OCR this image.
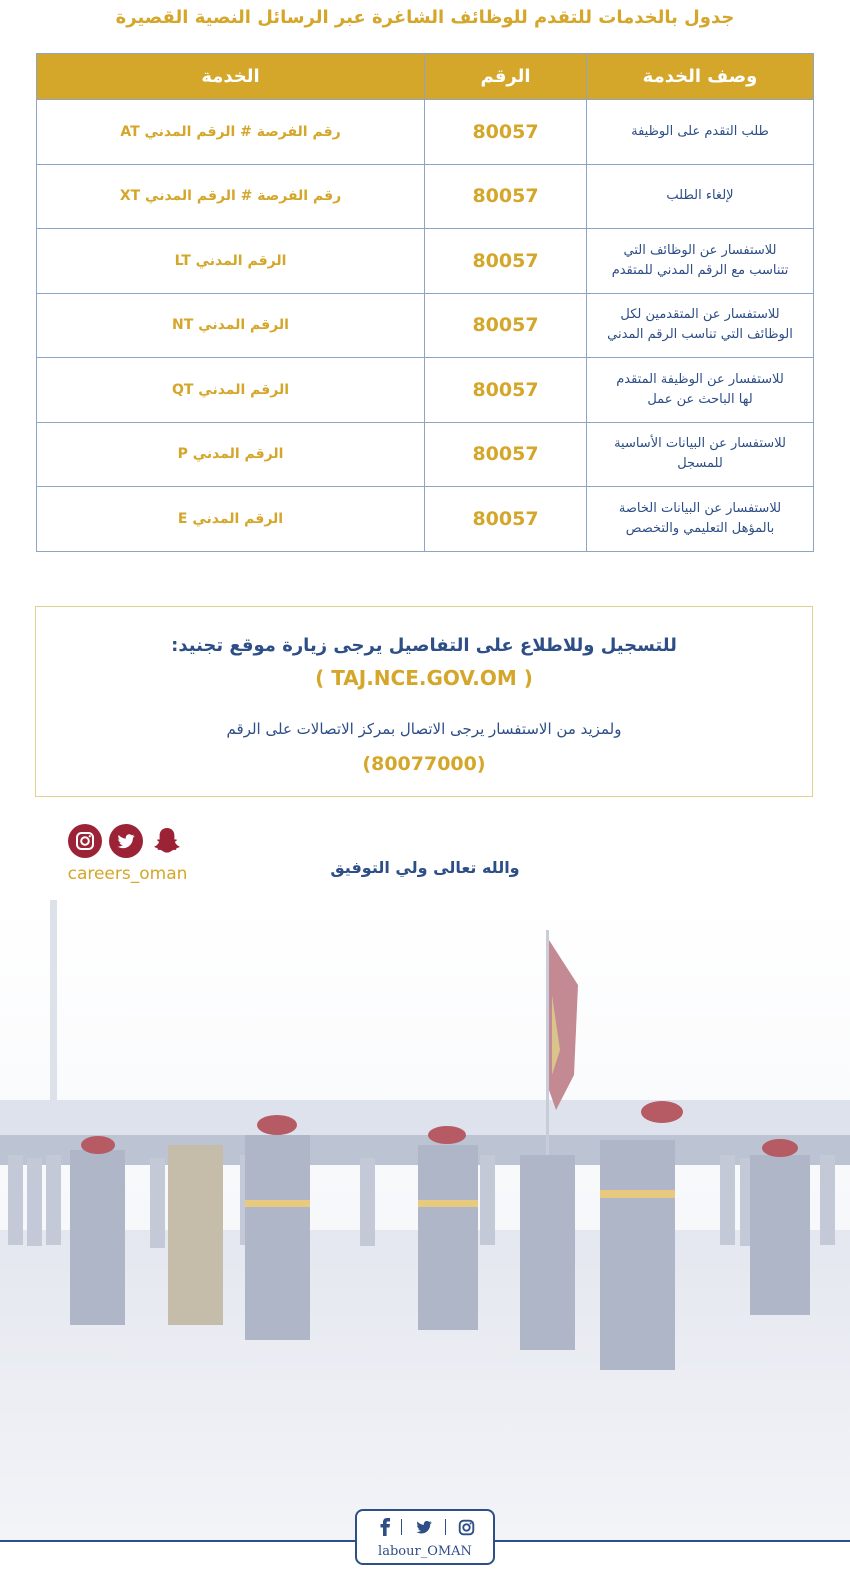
جدول بالخدمات للتقدم للوظائف الشاغرة عبر الرسائل النصية القصيرة
وصف الخدمة	الرقم	الخدمة
طلب التقدم على الوظيفة	80057	رقم الفرصة # الرقم المدني AT
لإلغاء الطلب	80057	رقم الفرصة # الرقم المدني XT
للاستفسار عن الوظائف التي
تتناسب مع الرقم المدني للمتقدم	80057	الرقم المدني LT
للاستفسار عن المتقدمين لكل
الوظائف التي تناسب الرقم المدني	80057	الرقم المدني NT
للاستفسار عن الوظيفة المتقدم
لها الباحث عن عمل	80057	الرقم المدني QT
للاستفسار عن البيانات الأساسية
للمسجل	80057	الرقم المدني P
للاستفسار عن البيانات الخاصة
بالمؤهل التعليمي والتخصص	80057	الرقم المدني E
للتسجيل وللاطلاع على التفاصيل يرجى زيارة موقع تجنيد:
( TAJ.NCE.GOV.OM )
ولمزيد من الاستفسار يرجى الاتصال بمركز الاتصالات على الرقم
(80077000)
careers_oman	والله تعالى ولي التوفيق
labour_OMAN
